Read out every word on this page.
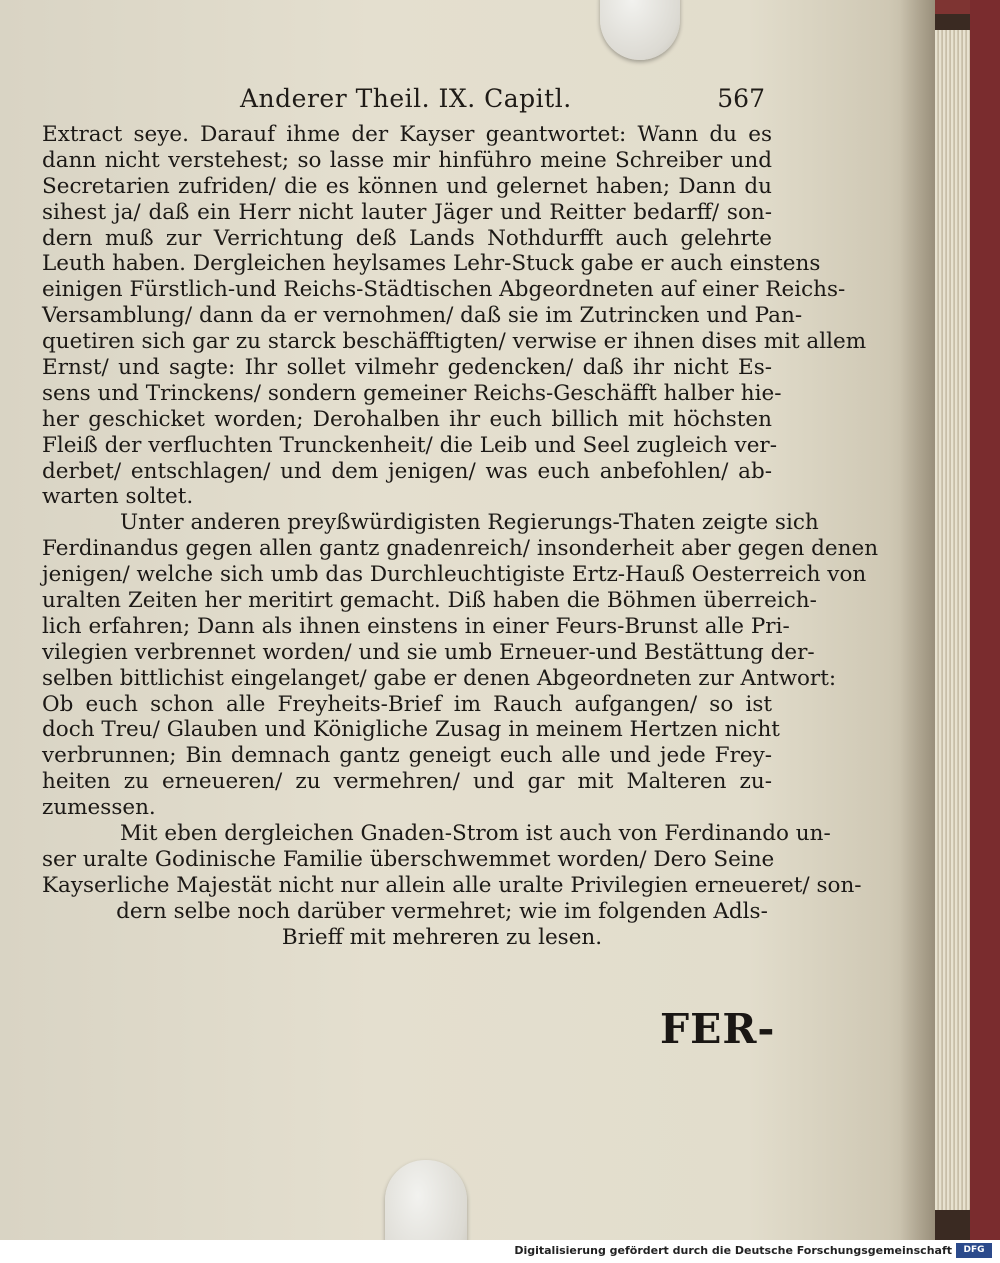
Anderer Theil. IX. Capitl.	567
Extract seye. Darauf ihme der Kayser geantwortet: Wann du es
dann nicht verstehest; so lasse mir hinführo meine Schreiber und
Secretarien zufriden/ die es können und gelernet haben; Dann du
sihest ja/ daß ein Herr nicht lauter Jäger und Reitter bedarff/ son-
dern muß zur Verrichtung deß Lands Nothdurfft auch gelehrte
Leuth haben. Dergleichen heylsames Lehr-Stuck gabe er auch einstens
einigen Fürstlich-und Reichs-Städtischen Abgeordneten auf einer Reichs-
Versamblung/ dann da er vernohmen/ daß sie im Zutrincken und Pan-
quetiren sich gar zu starck beschäfftigten/ verwise er ihnen dises mit allem
Ernst/ und sagte: Ihr sollet vilmehr gedencken/ daß ihr nicht Es-
sens und Trinckens/ sondern gemeiner Reichs-Geschäfft halber hie-
her geschicket worden; Derohalben ihr euch billich mit höchsten
Fleiß der verfluchten Trunckenheit/ die Leib und Seel zugleich ver-
derbet/ entschlagen/ und dem jenigen/ was euch anbefohlen/ ab-
warten soltet.
Unter anderen preyßwürdigisten Regierungs-Thaten zeigte sich
Ferdinandus gegen allen gantz gnadenreich/ insonderheit aber gegen denen
jenigen/ welche sich umb das Durchleuchtigiste Ertz-Hauß Oesterreich von
uralten Zeiten her meritirt gemacht. Diß haben die Böhmen überreich-
lich erfahren; Dann als ihnen einstens in einer Feurs-Brunst alle Pri-
vilegien verbrennet worden/ und sie umb Erneuer-und Bestättung der-
selben bittlichist eingelanget/ gabe er denen Abgeordneten zur Antwort:
Ob euch schon alle Freyheits-Brief im Rauch aufgangen/ so ist
doch Treu/ Glauben und Königliche Zusag in meinem Hertzen nicht
verbrunnen; Bin demnach gantz geneigt euch alle und jede Frey-
heiten zu erneueren/ zu vermehren/ und gar mit Malteren zu-
zumessen.
Mit eben dergleichen Gnaden-Strom ist auch von Ferdinando un-
ser uralte Godinische Familie überschwemmet worden/ Dero Seine
Kayserliche Majestät nicht nur allein alle uralte Privilegien erneueret/ son-
dern selbe noch darüber vermehret; wie im folgenden Adls-
Brieff mit mehreren zu lesen.
FER-
Digitalisierung gefördert durch die Deutsche Forschungsgemeinschaft	DFG
